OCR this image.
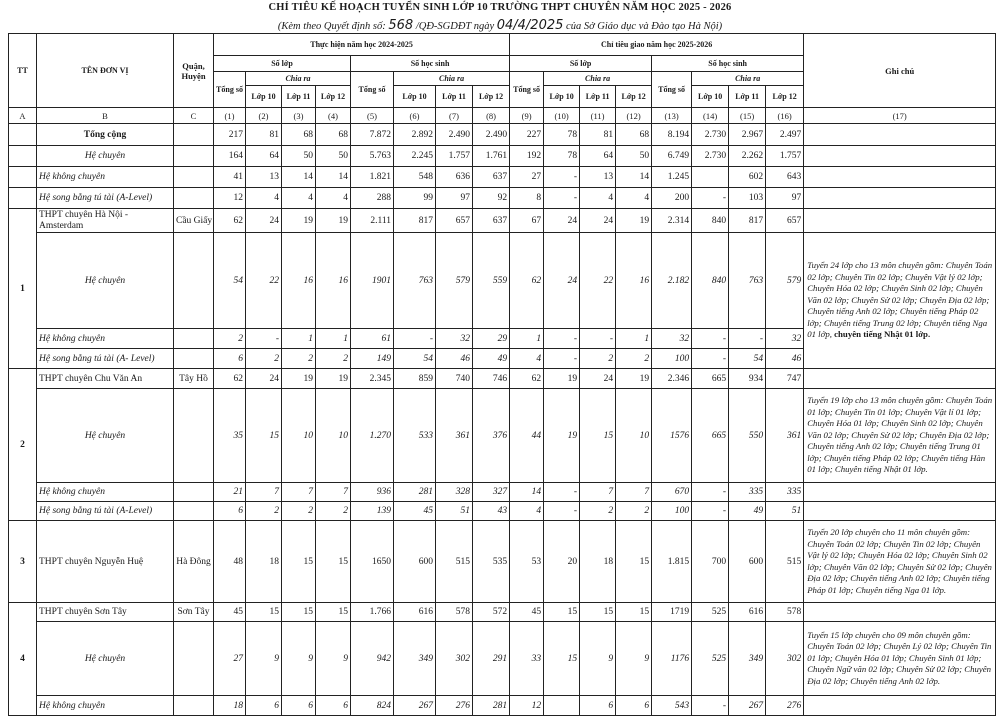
CHỈ TIÊU KẾ HOẠCH TUYỂN SINH LỚP 10 TRƯỜNG THPT CHUYÊN NĂM HỌC 2025 - 2026
(Kèm theo Quyết định số: 568 /QĐ-SGDĐT ngày 04/4/2025 của Sở Giáo dục và Đào tạo Hà Nội)
TT	TÊN ĐƠN VỊ	Quận, Huyện	Thực hiện năm học 2024-2025								Chỉ tiêu giao năm học 2025-2026								Ghi chú
			Số lớp				Số học sinh				Số lớp				Số học sinh				
			Tổng số	Chia ra			Tổng số	Chia ra			Tổng số	Chia ra			Tổng số	Chia ra			
				Lớp 10	Lớp 11	Lớp 12		Lớp 10	Lớp 11	Lớp 12		Lớp 10	Lớp 11	Lớp 12		Lớp 10	Lớp 11	Lớp 12	
A	B	C	(1)	(2)	(3)	(4)	(5)	(6)	(7)	(8)	(9)	(10)	(11)	(12)	(13)	(14)	(15)	(16)	(17)
	Tổng cộng		217	81	68	68	7.872	2.892	2.490	2.490	227	78	81	68	8.194	2.730	2.967	2.497	
	Hệ chuyên		164	64	50	50	5.763	2.245	1.757	1.761	192	78	64	50	6.749	2.730	2.262	1.757	
	Hệ không chuyên		41	13	14	14	1.821	548	636	637	27	-	13	14	1.245		602	643	
	Hệ song bằng tú tài (A-Level)		12	4	4	4	288	99	97	92	8	-	4	4	200	-	103	97	
1	THPT chuyên Hà Nội - Amsterdam	Cầu Giấy	62	24	19	19	2.111	817	657	637	67	24	24	19	2.314	840	817	657	
	Hệ chuyên		54	22	16	16	1901	763	579	559	62	24	22	16	2.182	840	763	579	Tuyển 24 lớp cho 13 môn chuyên gồm: Chuyên Toán 02 lớp; Chuyên Tin 02 lớp; Chuyên Vật lý 02 lớp; Chuyên Hóa 02 lớp; Chuyên Sinh 02 lớp; Chuyên Văn 02 lớp; Chuyên Sử 02 lớp; Chuyên Địa 02 lớp; Chuyên tiếng Anh 02 lớp; Chuyên tiếng Pháp 02 lớp; Chuyên tiếng Trung 02 lớp; Chuyên tiếng Nga 01 lớp, chuyên tiếng Nhật 01 lớp.
	Hệ không chuyên		2	-	1	1	61	-	32	29	1	-	-	1	32	-	-	32	
	Hệ song bằng tú tài (A- Level)		6	2	2	2	149	54	46	49	4	-	2	2	100	-	54	46	
2	THPT chuyên Chu Văn An	Tây Hồ	62	24	19	19	2.345	859	740	746	62	19	24	19	2.346	665	934	747	
	Hệ chuyên		35	15	10	10	1.270	533	361	376	44	19	15	10	1576	665	550	361	Tuyển 19 lớp cho 13 môn chuyên gồm: Chuyên Toán 01 lớp; Chuyên Tin 01 lớp; Chuyên Vật lí 01 lớp; Chuyên Hóa 01 lớp; Chuyên Sinh 02 lớp; Chuyên Văn 02 lớp; Chuyên Sử 02 lớp; Chuyên Địa 02 lớp; Chuyên tiếng Anh 02 lớp; Chuyên tiếng Trung 01 lớp; Chuyên tiếng Pháp 02 lớp; Chuyên tiếng Hàn 01 lớp; Chuyên tiếng Nhật 01 lớp.
	Hệ không chuyên		21	7	7	7	936	281	328	327	14	-	7	7	670	-	335	335	
	Hệ song bằng tú tài (A-Level)		6	2	2	2	139	45	51	43	4	-	2	2	100	-	49	51	
3	THPT chuyên Nguyễn Huệ	Hà Đông	48	18	15	15	1650	600	515	535	53	20	18	15	1.815	700	600	515	Tuyển 20 lớp chuyên cho 11 môn chuyên gồm: Chuyên Toán 02 lớp; Chuyên Tin 02 lớp; Chuyên Vật lý 02 lớp; Chuyên Hóa 02 lớp; Chuyên Sinh 02 lớp; Chuyên Văn 02 lớp; Chuyên Sử 02 lớp; Chuyên Địa 02 lớp; Chuyên tiếng Anh 02 lớp; Chuyên tiếng Pháp 01 lớp; Chuyên tiếng Nga 01 lớp.
4	THPT chuyên Sơn Tây	Sơn Tây	45	15	15	15	1.766	616	578	572	45	15	15	15	1719	525	616	578	
	Hệ chuyên		27	9	9	9	942	349	302	291	33	15	9	9	1176	525	349	302	Tuyển 15 lớp chuyên cho 09 môn chuyên gồm: Chuyên Toán 02 lớp; Chuyên Lý 02 lớp; Chuyên Tin 01 lớp; Chuyên Hóa 01 lớp; Chuyên Sinh 01 lớp; Chuyên Ngữ văn 02 lớp; Chuyên Sử 02 lớp; Chuyên Địa 02 lớp; Chuyên tiếng Anh 02 lớp.
	Hệ không chuyên		18	6	6	6	824	267	276	281	12		6	6	543	-	267	276	
